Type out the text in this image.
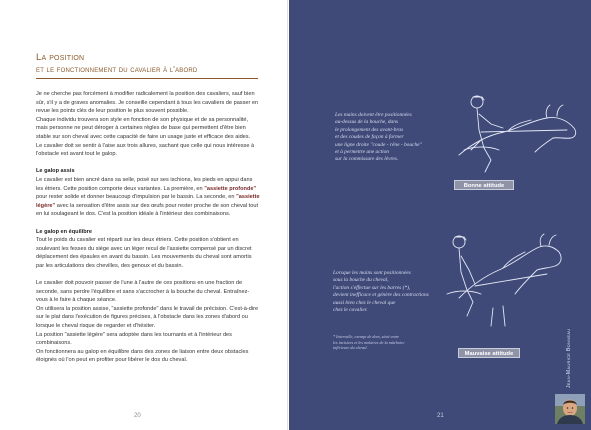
La position
et le fonctionnement du cavalier à l'abord

Je ne cherche pas forcément à modifier radicalement la position des cavaliers, sauf bien sûr, s'il y a de graves anomalies. Je conseille cependant à tous les cavaliers de passer en revue les points clés de leur position le plus souvent possible.

Chaque individu trouvera son style en fonction de son physique et de sa personnalité, mais personne ne peut déroger à certaines règles de base qui permettent d'être bien stable sur son cheval avec cette capacité de faire un usage juste et efficace des aides.

Le cavalier doit se sentir à l'aise aux trois allures, sachant que celle qui nous intéresse à l'obstacle est avant tout le galop.

Le galop assis

Le cavalier est bien ancré dans sa selle, posé sur ses ischions, les pieds en appui dans les étriers. Cette position comporte deux variantes. La première, en "assiette profonde" pour rester solide et donner beaucoup d'impulsion par le bassin. La seconde, en "assiette légère" avec la sensation d'être assis sur des œufs pour rester proche de son cheval tout en lui soulageant le dos. C'est la position idéale à l'intérieur des combinaisons.

Le galop en équilibre

Tout le poids du cavalier est réparti sur les deux étriers. Cette position s'obtient en soulevant les fesses du siège avec un léger recul de l'assiette compensé par un discret déplacement des épaules en avant du bassin. Les mouvements du cheval sont amortis par les articulations des chevilles, des genoux et du bassin.

Le cavalier doit pouvoir passer de l'une à l'autre de ces positions en une fraction de seconde, sans perdre l'équilibre et sans s'accrocher à la bouche du cheval. Entraînez-vous à le faire à chaque séance.

On utilisera la position assise, "assiette profonde" dans le travail de précision. C'est-à-dire sur le plat dans l'exécution de figures précises, à l'obstacle dans les zones d'abord ou lorsque le cheval risque de regarder et d'hésiter.

La position "assiette légère" sera adoptée dans les tournants et à l'intérieur des combinaisons.

On fonctionnera au galop en équilibre dans des zones de liaison entre deux obstacles éloignés où l'on peut en profiter pour libérer le dos du cheval.

20
Les mains doivent être positionnées
au-dessus de la bouche, dans
le prolongement des avant-bras
et des coudes de façon à former
une ligne droite "coude - rêne - bouche"
et à permettre une action
sur la commissure des lèvres.
Bonne attitude
Lorsque les mains sont positionnées
sous la bouche du cheval,
l'action s'effectue sur les barres (*),
devient inefficace et génère des contractions
aussi bien chez le cheval que
chez le cavalier.
* Intervalle, exempt de dent, situé entre
les incisives et les molaires de la mâchoire
inférieure du cheval.
Mauvaise attitude
21
Jean-Maurice Bonneau
